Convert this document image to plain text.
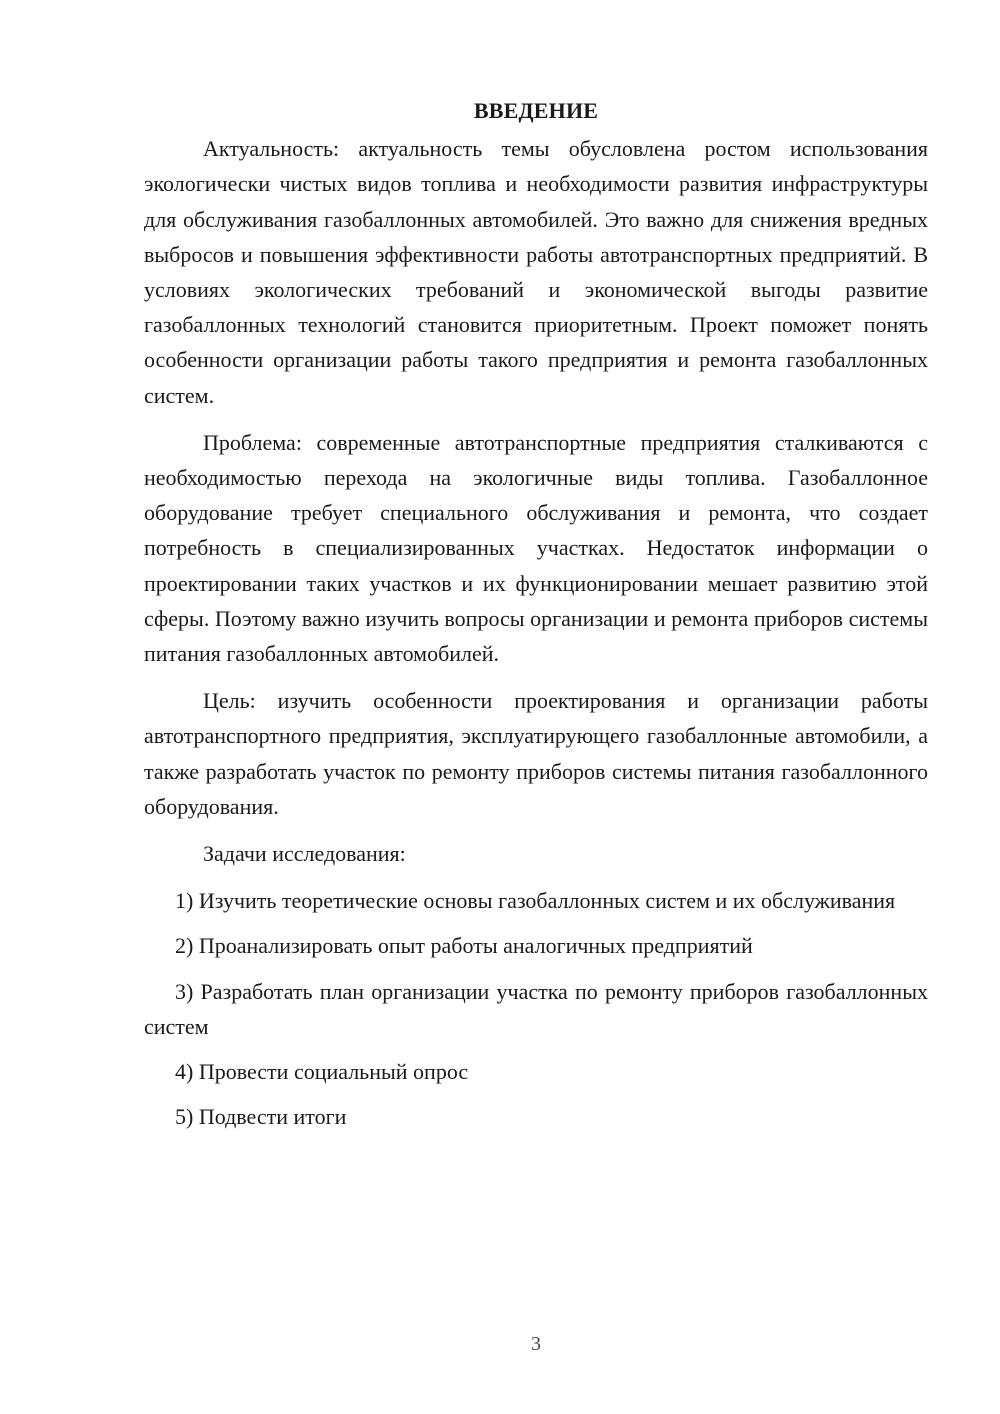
ВВЕДЕНИЕ

Актуальность: актуальность темы обусловлена ростом использования экологически чистых видов топлива и необходимости развития инфраструктуры для обслуживания газобаллонных автомобилей. Это важно для снижения вредных выбросов и повышения эффективности работы автотранспортных предприятий. В условиях экологических требований и экономической выгоды развитие газобаллонных технологий становится приоритетным. Проект поможет понять особенности организации работы такого предприятия и ремонта газобаллонных систем.

Проблема: современные автотранспортные предприятия сталкиваются с необходимостью перехода на экологичные виды топлива. Газобаллонное оборудование требует специального обслуживания и ремонта, что создает потребность в специализированных участках. Недостаток информации о проектировании таких участков и их функционировании мешает развитию этой сферы. Поэтому важно изучить вопросы организации и ремонта приборов системы питания газобаллонных автомобилей.

Цель: изучить особенности проектирования и организации работы автотранспортного предприятия, эксплуатирующего газобаллонные автомобили, а также разработать участок по ремонту приборов системы питания газобаллонного оборудования.

Задачи исследования:

1) Изучить теоретические основы газобаллонных систем и их обслуживания

2) Проанализировать опыт работы аналогичных предприятий

3) Разработать план организации участка по ремонту приборов газобаллонных систем

4) Провести социальный опрос

5) Подвести итоги

3
